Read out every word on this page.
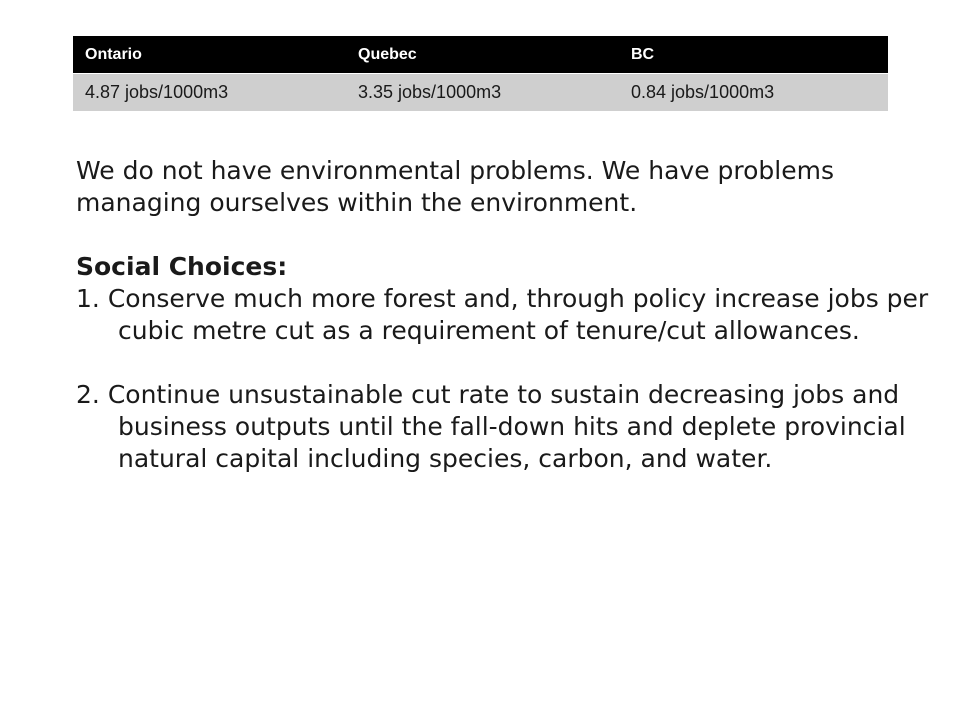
Ontario	Quebec	BC
4.87 jobs/1000m3	3.35 jobs/1000m3	0.84 jobs/1000m3

We do not have environmental problems. We have problems managing ourselves within the environment.

Social Choices:

1. Conserve much more forest and, through policy increase jobs per cubic metre cut as a requirement of tenure/cut allowances.

2. Continue unsustainable cut rate to sustain decreasing jobs and business outputs until the fall-down hits and deplete provincial natural capital including species, carbon, and water.
